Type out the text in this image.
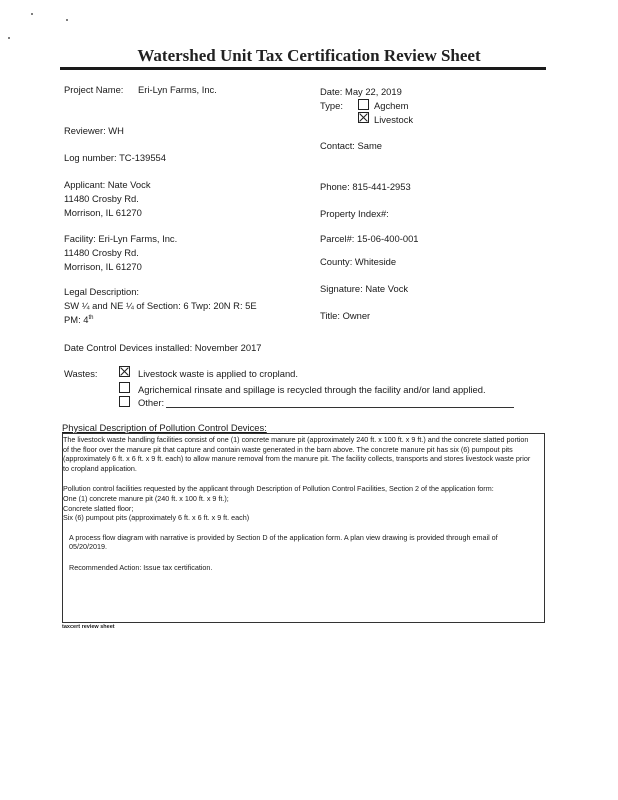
Watershed Unit Tax Certification Review Sheet
Project Name: Eri-Lyn Farms, Inc.
Reviewer: WH
Log number: TC-139554
Applicant: Nate Vock
11480 Crosby Rd.
Morrison, IL 61270
Facility: Eri-Lyn Farms, Inc.
11480 Crosby Rd.
Morrison, IL 61270
Legal Description:
SW ¼ and NE ¼ of Section: 6 Twp: 20N R: 5E
PM: 4th
Date: May 22, 2019
Type:	Agchem
Livestock
Contact: Same
Phone: 815-441-2953
Property Index#:
Parcel#: 15-06-400-001
County: Whiteside
Signature: Nate Vock
Title: Owner
Date Control Devices installed: November 2017
Wastes:	Livestock waste is applied to cropland.
Agrichemical rinsate and spillage is recycled through the facility and/or land applied.
Other:
Physical Description of Pollution Control Devices:
The livestock waste handling facilities consist of one (1) concrete manure pit (approximately 240 ft. x 100 ft. x 9 ft.) and the concrete slatted portion of the floor over the manure pit that capture and contain waste generated in the barn above. The concrete manure pit has six (6) pumpout pits (approximately 6 ft. x 6 ft. x 9 ft. each) to allow manure removal from the manure pit. The facility collects, transports and stores livestock waste prior to cropland application.
Pollution control facilities requested by the applicant through Description of Pollution Control Facilities, Section 2 of the application form:
One (1) concrete manure pit (240 ft. x 100 ft. x 9 ft.);
Concrete slatted floor;
Six (6) pumpout pits (approximately 6 ft. x 6 ft. x 9 ft. each)
A process flow diagram with narrative is provided by Section D of the application form. A plan view drawing is provided through email of 05/20/2019.
Recommended Action: Issue tax certification.
taxcert review sheet
